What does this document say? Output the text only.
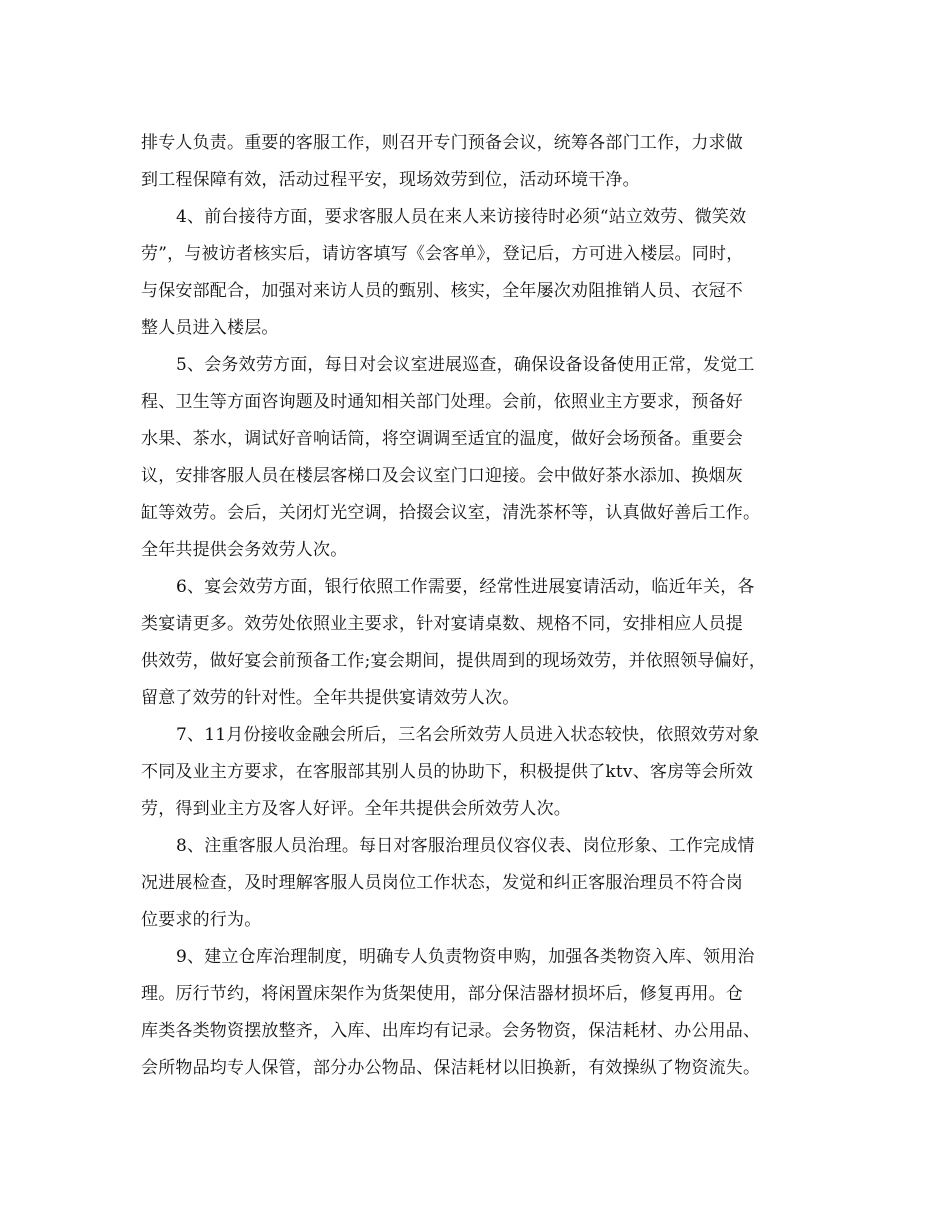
排专人负责。重要的客服工作，则召开专门预备会议，统筹各部门工作，力求做
到工程保障有效，活动过程平安，现场效劳到位，活动环境干净。
4、前台接待方面，要求客服人员在来人来访接待时必须“站立效劳、微笑效
劳”，与被访者核实后，请访客填写《会客单》，登记后，方可进入楼层。同时，
与保安部配合，加强对来访人员的甄别、核实，全年屡次劝阻推销人员、衣冠不
整人员进入楼层。
5、会务效劳方面，每日对会议室进展巡查，确保设备设备使用正常，发觉工
程、卫生等方面咨询题及时通知相关部门处理。会前，依照业主方要求，预备好
水果、茶水，调试好音响话筒，将空调调至适宜的温度，做好会场预备。重要会
议，安排客服人员在楼层客梯口及会议室门口迎接。会中做好茶水添加、换烟灰
缸等效劳。会后，关闭灯光空调，拾掇会议室，清洗茶杯等，认真做好善后工作。
全年共提供会务效劳人次。
6、宴会效劳方面，银行依照工作需要，经常性进展宴请活动，临近年关，各
类宴请更多。效劳处依照业主要求，针对宴请桌数、规格不同，安排相应人员提
供效劳，做好宴会前预备工作;宴会期间，提供周到的现场效劳，并依照领导偏好，
留意了效劳的针对性。全年共提供宴请效劳人次。
7、11月份接收金融会所后，三名会所效劳人员进入状态较快，依照效劳对象
不同及业主方要求，在客服部其别人员的协助下，积极提供了ktv、客房等会所效
劳，得到业主方及客人好评。全年共提供会所效劳人次。
8、注重客服人员治理。每日对客服治理员仪容仪表、岗位形象、工作完成情
况进展检查，及时理解客服人员岗位工作状态，发觉和纠正客服治理员不符合岗
位要求的行为。
9、建立仓库治理制度，明确专人负责物资申购，加强各类物资入库、领用治
理。厉行节约，将闲置床架作为货架使用，部分保洁器材损坏后，修复再用。仓
库类各类物资摆放整齐，入库、出库均有记录。会务物资，保洁耗材、办公用品、
会所物品均专人保管，部分办公物品、保洁耗材以旧换新，有效操纵了物资流失。
